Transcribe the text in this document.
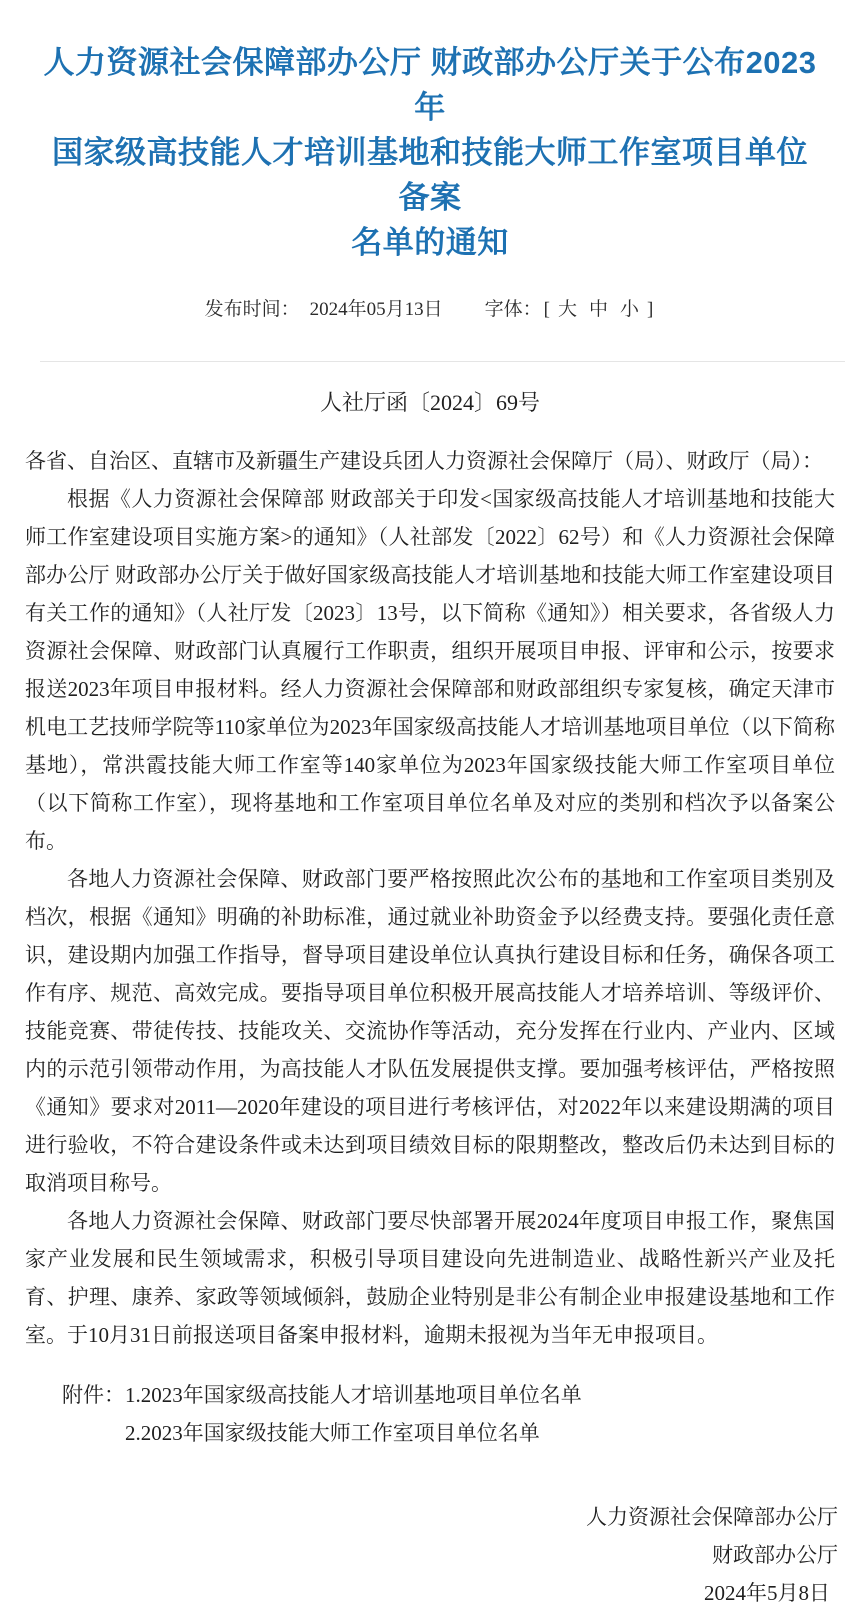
人力资源社会保障部办公厅 财政部办公厅关于公布2023年
国家级高技能人才培训基地和技能大师工作室项目单位备案
名单的通知
发布时间： 2024年05月13日 字体： [ 大 中 小 ]
人社厅函〔2024〕69号
各省、自治区、直辖市及新疆生产建设兵团人力资源社会保障厅（局）、财政厅（局）：
根据《人力资源社会保障部 财政部关于印发<国家级高技能人才培训基地和技能大师工作室建设项目实施方案>的通知》（人社部发〔2022〕62号）和《人力资源社会保障部办公厅 财政部办公厅关于做好国家级高技能人才培训基地和技能大师工作室建设项目有关工作的通知》（人社厅发〔2023〕13号，以下简称《通知》）相关要求，各省级人力资源社会保障、财政部门认真履行工作职责，组织开展项目申报、评审和公示，按要求报送2023年项目申报材料。经人力资源社会保障部和财政部组织专家复核，确定天津市机电工艺技师学院等110家单位为2023年国家级高技能人才培训基地项目单位（以下简称基地），常洪霞技能大师工作室等140家单位为2023年国家级技能大师工作室项目单位（以下简称工作室），现将基地和工作室项目单位名单及对应的类别和档次予以备案公布。
各地人力资源社会保障、财政部门要严格按照此次公布的基地和工作室项目类别及档次，根据《通知》明确的补助标准，通过就业补助资金予以经费支持。要强化责任意识，建设期内加强工作指导，督导项目建设单位认真执行建设目标和任务，确保各项工作有序、规范、高效完成。要指导项目单位积极开展高技能人才培养培训、等级评价、技能竞赛、带徒传技、技能攻关、交流协作等活动，充分发挥在行业内、产业内、区域内的示范引领带动作用，为高技能人才队伍发展提供支撑。要加强考核评估，严格按照《通知》要求对2011—2020年建设的项目进行考核评估，对2022年以来建设期满的项目进行验收，不符合建设条件或未达到项目绩效目标的限期整改，整改后仍未达到目标的取消项目称号。
各地人力资源社会保障、财政部门要尽快部署开展2024年度项目申报工作，聚焦国家产业发展和民生领域需求，积极引导项目建设向先进制造业、战略性新兴产业及托育、护理、康养、家政等领域倾斜，鼓励企业特别是非公有制企业申报建设基地和工作室。于10月31日前报送项目备案申报材料，逾期未报视为当年无申报项目。
附件： 1.2023年国家级高技能人才培训基地项目单位名单
2.2023年国家级技能大师工作室项目单位名单
人力资源社会保障部办公厅
财政部办公厅
2024年5月8日
